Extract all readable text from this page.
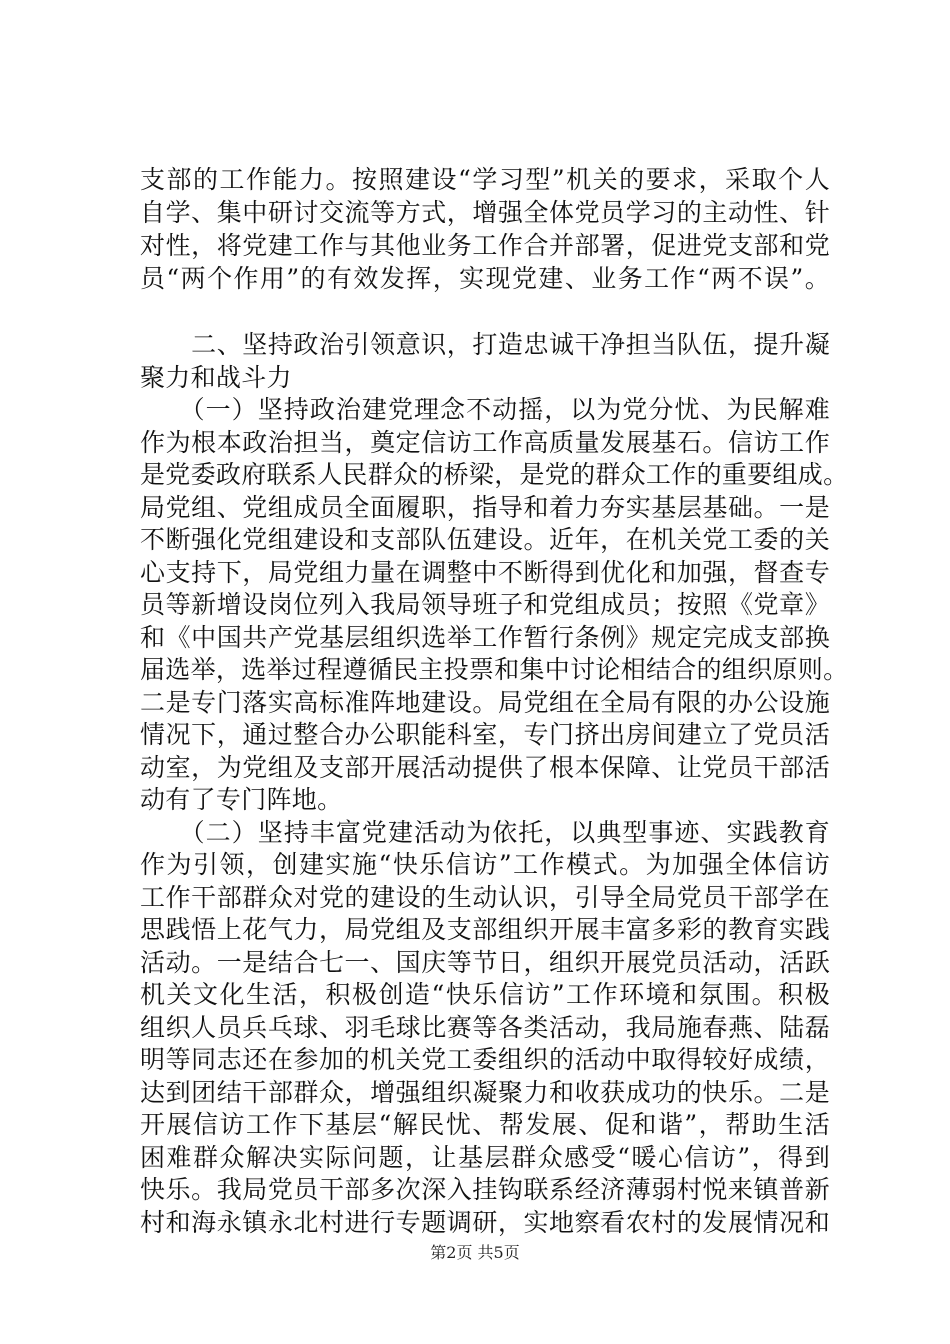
支部的工作能力。按照建设“学习型”机关的要求，采取个人

自学、集中研讨交流等方式，增强全体党员学习的主动性、针

对性，将党建工作与其他业务工作合并部署，促进党支部和党

员“两个作用”的有效发挥，实现党建、业务工作“两不误”。

　　二、坚持政治引领意识，打造忠诚干净担当队伍，提升凝

聚力和战斗力

　　（一）坚持政治建党理念不动摇，以为党分忧、为民解难

作为根本政治担当，奠定信访工作高质量发展基石。信访工作

是党委政府联系人民群众的桥梁，是党的群众工作的重要组成。

局党组、党组成员全面履职，指导和着力夯实基层基础。一是

不断强化党组建设和支部队伍建设。近年，在机关党工委的关

心支持下，局党组力量在调整中不断得到优化和加强，督查专

员等新增设岗位列入我局领导班子和党组成员；按照《党章》

和《中国共产党基层组织选举工作暂行条例》规定完成支部换

届选举，选举过程遵循民主投票和集中讨论相结合的组织原则。

二是专门落实高标准阵地建设。局党组在全局有限的办公设施

情况下，通过整合办公职能科室，专门挤出房间建立了党员活

动室，为党组及支部开展活动提供了根本保障、让党员干部活

动有了专门阵地。

　　（二）坚持丰富党建活动为依托，以典型事迹、实践教育

作为引领，创建实施“快乐信访”工作模式。为加强全体信访

工作干部群众对党的建设的生动认识，引导全局党员干部学在

思践悟上花气力，局党组及支部组织开展丰富多彩的教育实践

活动。一是结合七一、国庆等节日，组织开展党员活动，活跃

机关文化生活，积极创造“快乐信访”工作环境和氛围。积极

组织人员兵乓球、羽毛球比赛等各类活动，我局施春燕、陆磊

明等同志还在参加的机关党工委组织的活动中取得较好成绩，

达到团结干部群众，增强组织凝聚力和收获成功的快乐。二是

开展信访工作下基层“解民忧、帮发展、促和谐”，帮助生活

困难群众解决实际问题，让基层群众感受“暖心信访”，得到

快乐。我局党员干部多次深入挂钩联系经济薄弱村悦来镇普新

村和海永镇永北村进行专题调研，实地察看农村的发展情况和

第2页 共5页
